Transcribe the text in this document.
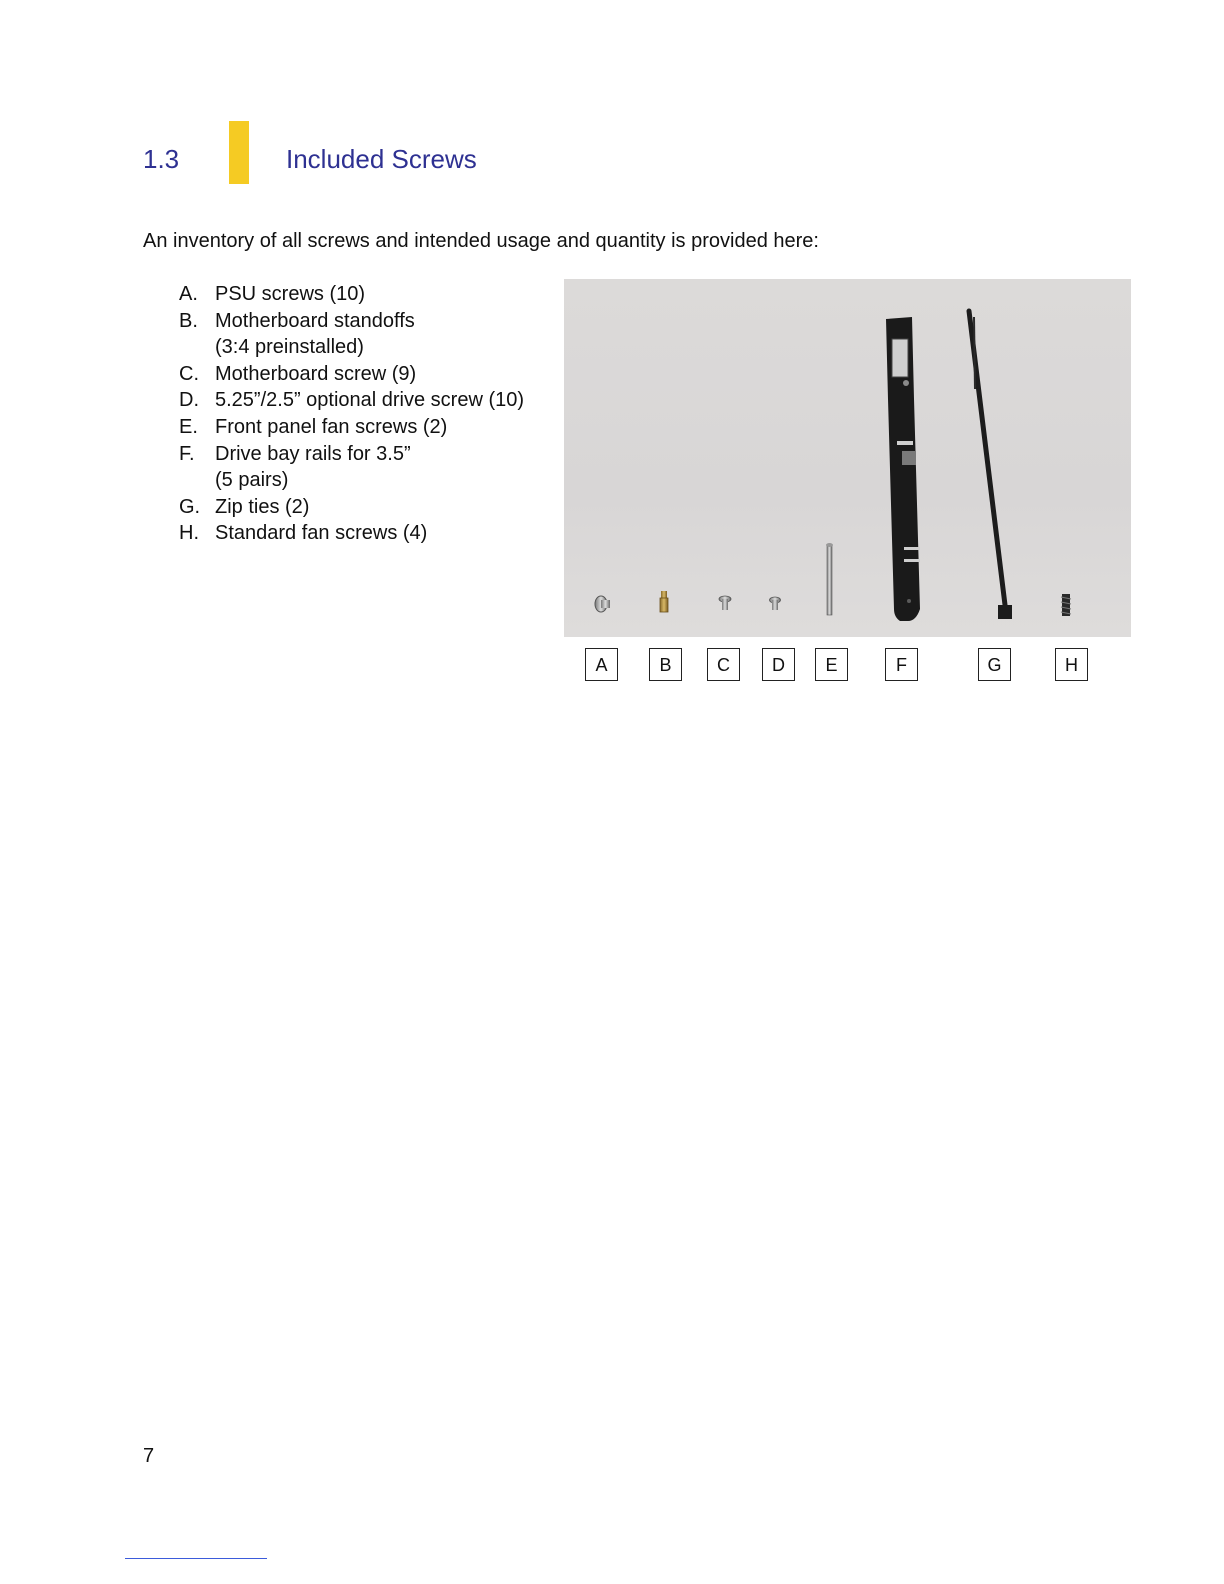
1.3	Included Screws
An inventory of all screws and intended usage and quantity is provided here:
A. PSU screws (10)
B. Motherboard standoffs
(3:4 preinstalled)
C. Motherboard screw (9)
D. 5.25”/2.5” optional drive screw (10)
E. Front panel fan screws (2)
F.	Drive bay rails for 3.5”
(5 pairs)
G. Zip ties (2)
H. Standard fan screws (4)
A	B	C	D	E	F	G	H
7
